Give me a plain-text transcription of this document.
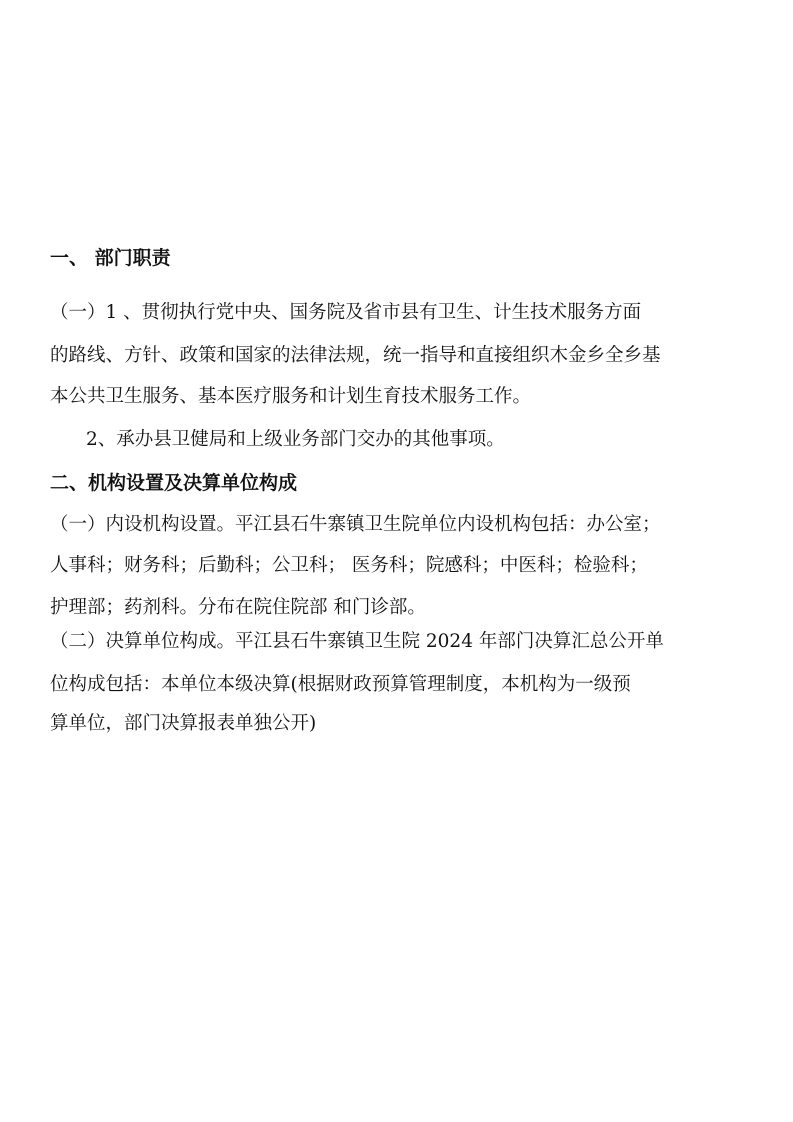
一、 部门职责
（一）1 、贯彻执行党中央、国务院及省市县有卫生、计生技术服务方面
的路线、方针、政策和国家的法律法规，统一指导和直接组织木金乡全乡基
本公共卫生服务、基本医疗服务和计划生育技术服务工作。
2、承办县卫健局和上级业务部门交办的其他事项。
二、机构设置及决算单位构成
（一）内设机构设置。平江县石牛寨镇卫生院单位内设机构包括：办公室；
人事科；财务科；后勤科；公卫科； 医务科；院感科；中医科；检验科；
护理部；药剂科。分布在院住院部 和门诊部。
（二）决算单位构成。平江县石牛寨镇卫生院 2024 年部门决算汇总公开单
位构成包括：本单位本级决算(根据财政预算管理制度，本机构为一级预
算单位，部门决算报表单独公开)
